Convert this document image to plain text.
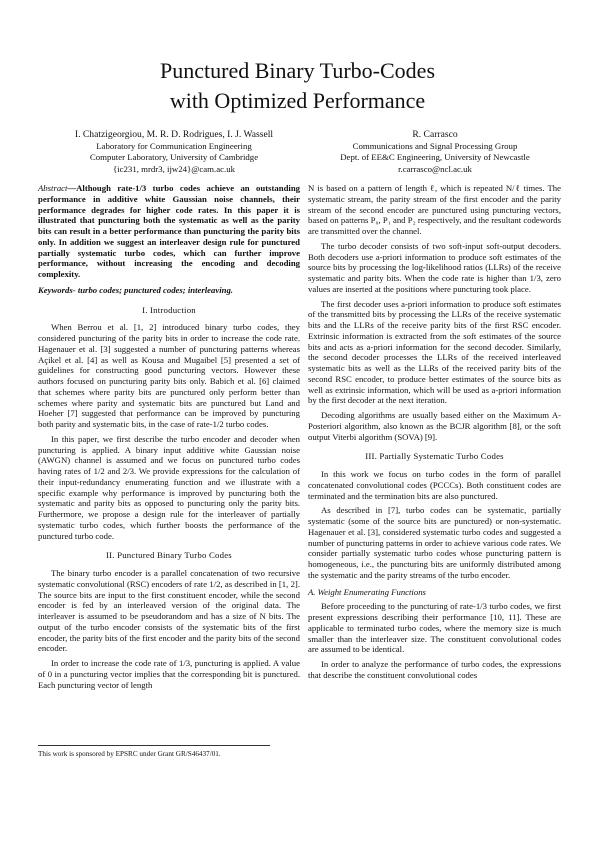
Punctured Binary Turbo-Codes
with Optimized Performance
I. Chatzigeorgiou, M. R. D. Rodrigues, I. J. Wassell
Laboratory for Communication Engineering
Computer Laboratory, University of Cambridge
{ic231, mrdr3, ijw24}@cam.ac.uk
R. Carrasco
Communications and Signal Processing Group
Dept. of EE&C Engineering, University of Newcastle
r.carrasco@ncl.ac.uk

Abstract—Although rate-1/3 turbo codes achieve an outstanding performance in additive white Gaussian noise channels, their performance degrades for higher code rates. In this paper it is illustrated that puncturing both the systematic as well as the parity bits can result in a better performance than puncturing the parity bits only. In addition we suggest an interleaver design rule for punctured partially systematic turbo codes, which can further improve performance, without increasing the encoding and decoding complexity.

Keywords- turbo codes; punctured codes; interleaving.

I. Introduction

When Berrou et al. [1, 2] introduced binary turbo codes, they considered puncturing of the parity bits in order to increase the code rate. Hagenauer et al. [3] suggested a number of puncturing patterns whereas Açikel et al. [4] as well as Kousa and Mugaibel [5] presented a set of guidelines for constructing good puncturing vectors. However these authors focused on puncturing parity bits only. Babich et al. [6] claimed that schemes where parity bits are punctured only perform better than schemes where parity and systematic bits are punctured but Land and Hoeher [7] suggested that performance can be improved by puncturing both parity and systematic bits, in the case of rate-1/2 turbo codes.

In this paper, we first describe the turbo encoder and decoder when puncturing is applied. A binary input additive white Gaussian noise (AWGN) channel is assumed and we focus on punctured turbo codes having rates of 1/2 and 2/3. We provide expressions for the calculation of their input-redundancy enumerating function and we illustrate with a specific example why performance is improved by puncturing both the systematic and parity bits as opposed to puncturing only the parity bits. Furthermore, we propose a design rule for the interleaver of partially systematic turbo codes, which further boosts the performance of the punctured turbo code.

II. Punctured Binary Turbo Codes

The binary turbo encoder is a parallel concatenation of two recursive systematic convolutional (RSC) encoders of rate 1/2, as described in [1, 2]. The source bits are input to the first constituent encoder, while the second encoder is fed by an interleaved version of the original data. The interleaver is assumed to be pseudorandom and has a size of N bits. The output of the turbo encoder consists of the systematic bits of the first encoder, the parity bits of the first encoder and the parity bits of the second encoder.

In order to increase the code rate of 1/3, puncturing is applied. A value of 0 in a puncturing vector implies that the corresponding bit is punctured. Each puncturing vector of length

N is based on a pattern of length ℓ, which is repeated N/ℓ times. The systematic stream, the parity stream of the first encoder and the parity stream of the second encoder are punctured using puncturing vectors, based on patterns P₀, P₁ and P₂ respectively, and the resultant codewords are transmitted over the channel.

The turbo decoder consists of two soft-input soft-output decoders. Both decoders use a-priori information to produce soft estimates of the source bits by processing the log-likelihood ratios (LLRs) of the receive systematic and parity bits. When the code rate is higher than 1/3, zero values are inserted at the positions where puncturing took place.

The first decoder uses a-priori information to produce soft estimates of the transmitted bits by processing the LLRs of the receive systematic bits and the LLRs of the receive parity bits of the first RSC encoder. Extrinsic information is extracted from the soft estimates of the source bits and acts as a-priori information for the second decoder. Similarly, the second decoder processes the LLRs of the received interleaved systematic bits as well as the LLRs of the received parity bits of the second RSC encoder, to produce better estimates of the source bits as well as extrinsic information, which will be used as a-priori information by the first decoder at the next iteration.

Decoding algorithms are usually based either on the Maximum A-Posteriori algorithm, also known as the BCJR algorithm [8], or the soft output Viterbi algorithm (SOVA) [9].

III. Partially Systematic Turbo Codes

In this work we focus on turbo codes in the form of parallel concatenated convolutional codes (PCCCs). Both constituent codes are terminated and the termination bits are also punctured.

As described in [7], turbo codes can be systematic, partially systematic (some of the source bits are punctured) or non-systematic. Hagenauer et al. [3], considered systematic turbo codes and suggested a number of puncturing patterns in order to achieve various code rates. We consider partially systematic turbo codes whose puncturing pattern is homogeneous, i.e., the puncturing bits are uniformly distributed among the systematic and the parity streams of the turbo encoder.

A. Weight Enumerating Functions

Before proceeding to the puncturing of rate-1/3 turbo codes, we first present expressions describing their performance [10, 11]. These are applicable to terminated turbo codes, where the memory size is much smaller than the interleaver size. The constituent convolutional codes are assumed to be identical.

In order to analyze the performance of turbo codes, the expressions that describe the constituent convolutional codes

This work is sponsored by EPSRC under Grant GR/S46437/01.
